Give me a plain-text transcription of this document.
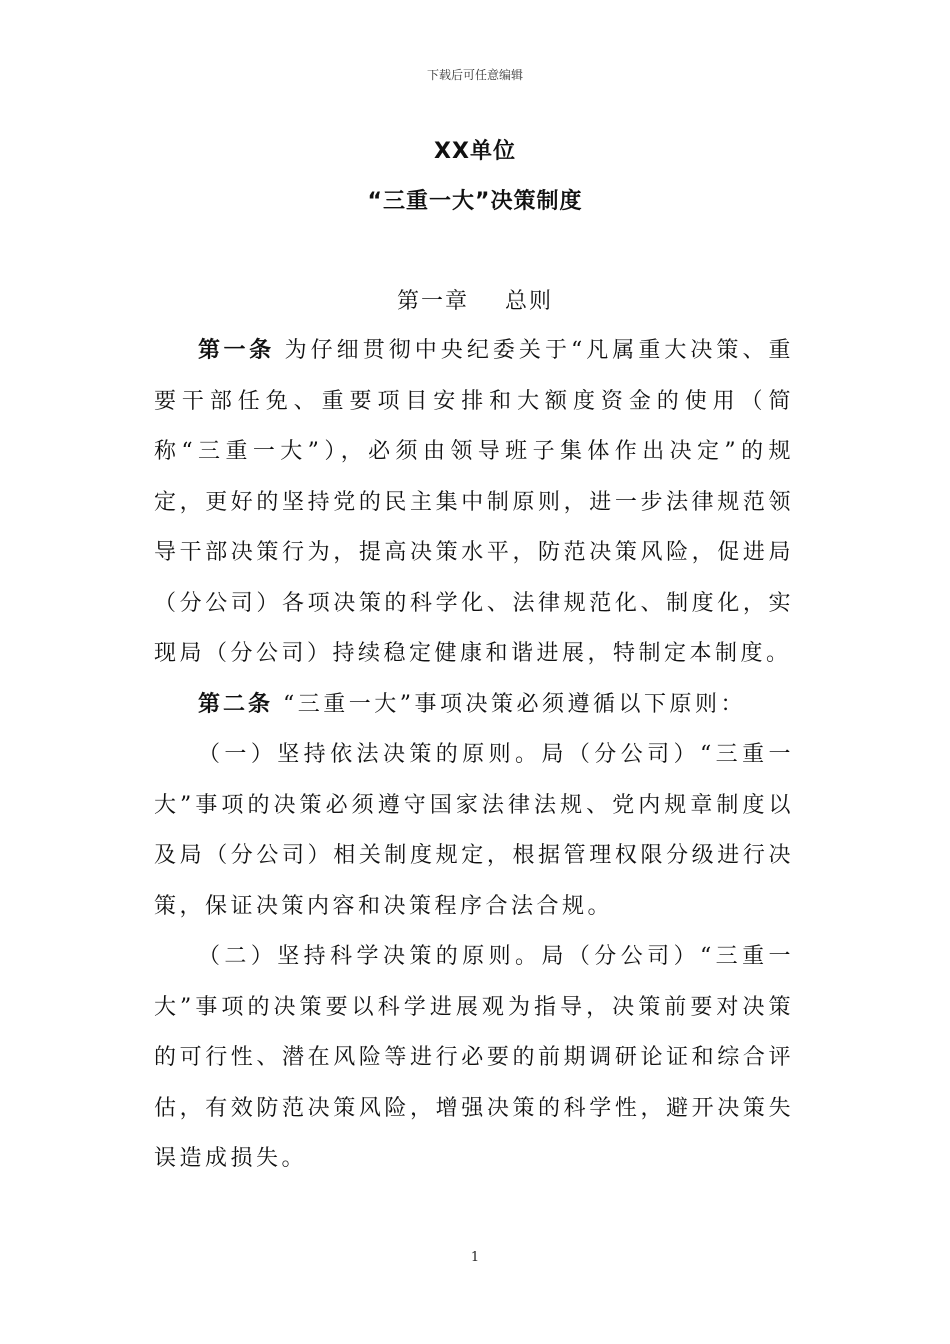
下载后可任意编辑
XX单位
“三重一大”决策制度
第一章    总则

第一条 为仔细贯彻中央纪委关于“凡属重大决策、重要干部任免、重要项目安排和大额度资金的使用（简称“三重一大”），必须由领导班子集体作出决定”的规定，更好的坚持党的民主集中制原则，进一步法律规范领导干部决策行为，提高决策水平，防范决策风险，促进局（分公司）各项决策的科学化、法律规范化、制度化，实现局（分公司）持续稳定健康和谐进展，特制定本制度。

第二条 “三重一大”事项决策必须遵循以下原则：

（一）坚持依法决策的原则。局（分公司）“三重一大”事项的决策必须遵守国家法律法规、党内规章制度以及局（分公司）相关制度规定，根据管理权限分级进行决策，保证决策内容和决策程序合法合规。

（二）坚持科学决策的原则。局（分公司）“三重一大”事项的决策要以科学进展观为指导，决策前要对决策的可行性、潜在风险等进行必要的前期调研论证和综合评估，有效防范决策风险，增强决策的科学性，避开决策失误造成损失。

1
